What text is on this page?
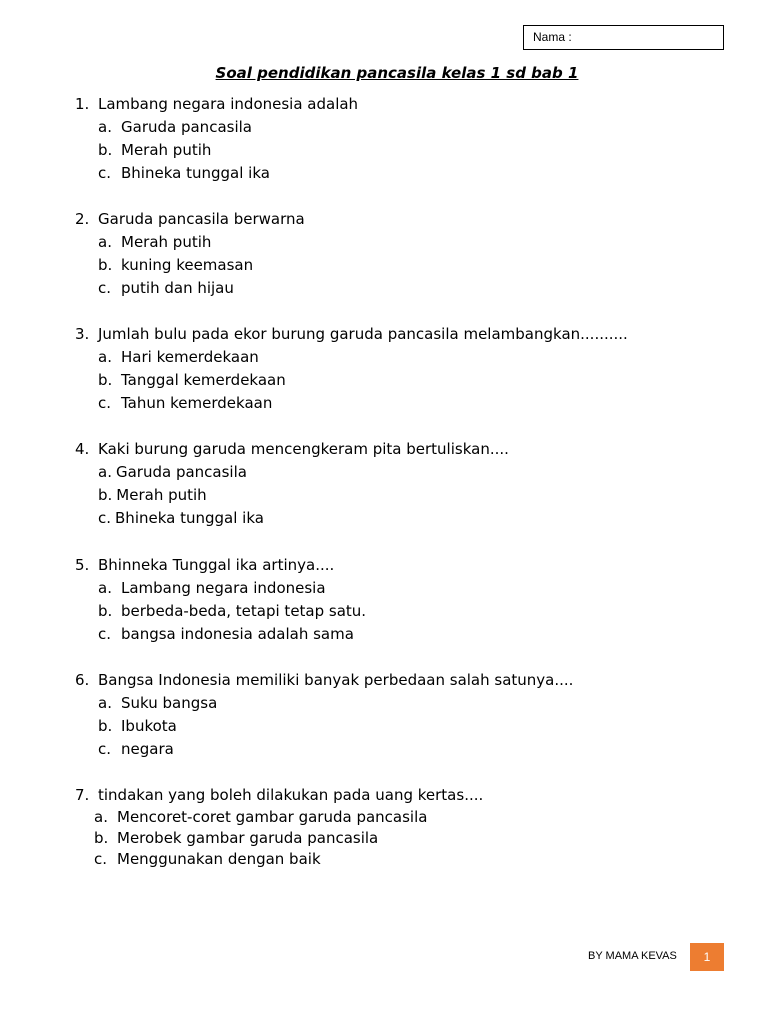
Nama :
Soal pendidikan pancasila kelas 1 sd bab 1
1. Lambang negara indonesia adalah
a. Garuda pancasila
b. Merah putih
c. Bhineka tunggal ika
2. Garuda pancasila berwarna
a. Merah putih
b. kuning keemasan
c. putih dan hijau
3. Jumlah bulu pada ekor burung garuda pancasila melambangkan..........
a. Hari kemerdekaan
b. Tanggal kemerdekaan
c. Tahun kemerdekaan
4. Kaki burung garuda mencengkeram pita bertuliskan....
a. Garuda pancasila
b. Merah putih
c. Bhineka tunggal ika
5. Bhinneka Tunggal ika artinya....
a. Lambang negara indonesia
b. berbeda-beda, tetapi tetap satu.
c. bangsa indonesia adalah sama
6. Bangsa Indonesia memiliki banyak perbedaan salah satunya....
a. Suku bangsa
b. Ibukota
c. negara
7. tindakan yang boleh dilakukan pada uang kertas....
a. Mencoret-coret gambar garuda pancasila
b. Merobek gambar garuda pancasila
c. Menggunakan dengan baik
BY MAMA KEVAS	1
